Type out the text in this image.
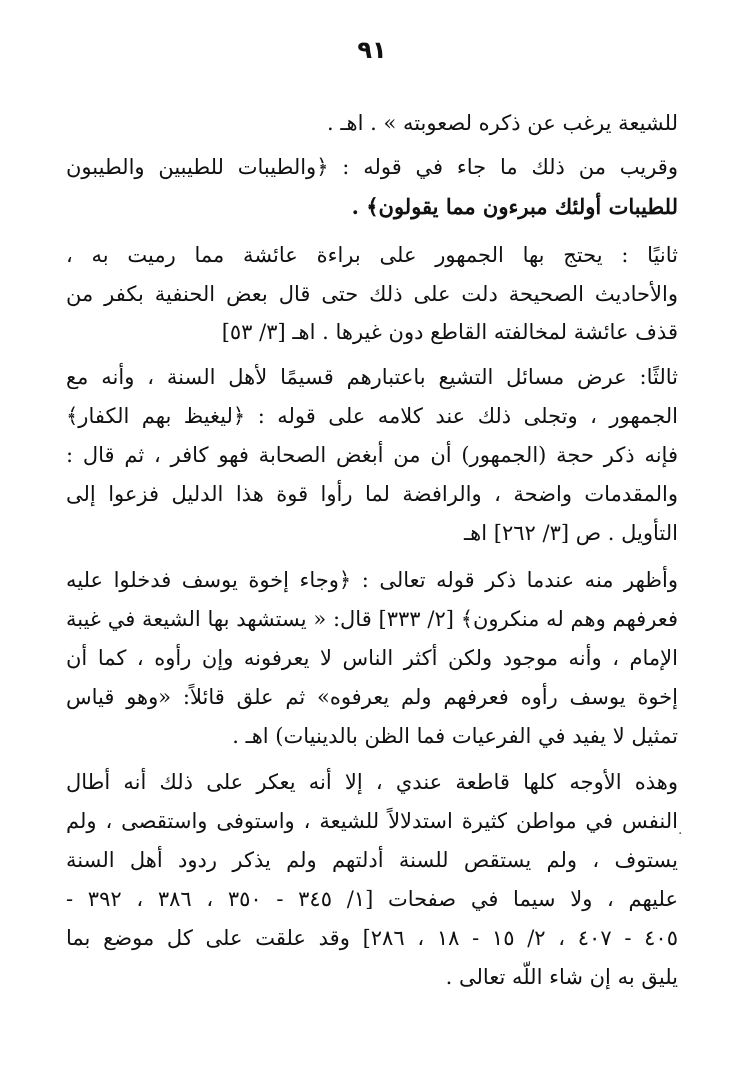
٩١
للشيعة يرغب عن ذكره لصعوبته » . اهـ .
وقريب من ذلك ما جاء في قوله : ﴿والطيبات للطيبين والطيبون
للطيبات أولئك مبرءون مما يقولون﴾ .
ثانيًا : يحتج بها الجمهور على براءة عائشة مما رميت به ،
والأحاديث الصحيحة دلت على ذلك حتى قال بعض الحنفية بكفر من
قذف عائشة لمخالفته القاطع دون غيرها . اهـ [٣/ ٥٣]
ثالثًا: عرض مسائل التشيع باعتبارهم قسيمًا لأهل السنة ، وأنه مع
الجمهور ، وتجلى ذلك عند كلامه على قوله : ﴿ليغيظ بهم الكفار﴾
فإنه ذكر حجة (الجمهور) أن من أبغض الصحابة فهو كافر ، ثم قال :
والمقدمات واضحة ، والرافضة لما رأوا قوة هذا الدليل فزعوا إلى
التأويل . ص [٣/ ٢٦٢] اهـ
وأظهر منه عندما ذكر قوله تعالى : ﴿وجاء إخوة يوسف فدخلوا عليه
فعرفهم وهم له منكرون﴾ [٢/ ٣٣٣] قال: « يستشهد بها الشيعة في غيبة
الإمام ، وأنه موجود ولكن أكثر الناس لا يعرفونه وإن رأوه ، كما أن
إخوة يوسف رأوه فعرفهم ولم يعرفوه» ثم علق قائلاً: «وهو قياس
تمثيل لا يفيد في الفرعيات فما الظن بالدينيات) اهـ .
وهذه الأوجه كلها قاطعة عندي ، إلا أنه يعكر على ذلك أنه أطال
النفس في مواطن كثيرة استدلالاً للشيعة ، واستوفى واستقصى ، ولم
يستوف ، ولم يستقص للسنة أدلتهم ولم يذكر ردود أهل السنة
عليهم ، ولا سيما في صفحات [١/ ٣٤٥ - ٣٥٠ ، ٣٨٦ ، ٣٩٢ -
٤٠٥ - ٤٠٧ ، ٢/ ١٥ - ١٨ ، ٢٨٦] وقد علقت على كل موضع بما
يليق به إن شاء اللّه تعالى .
·
